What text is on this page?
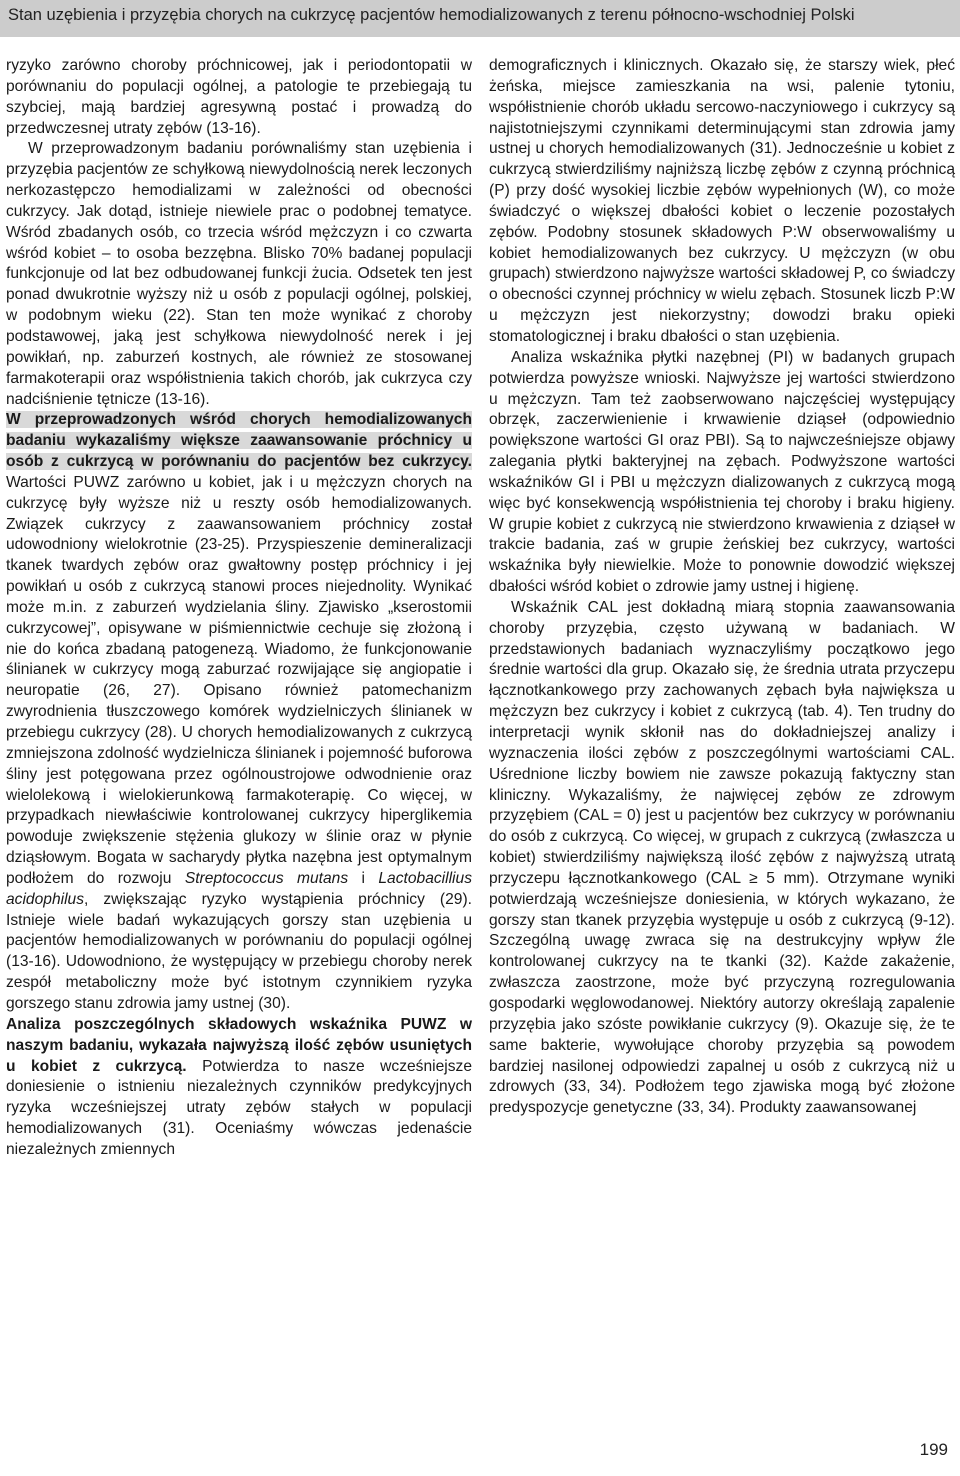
Stan uzębienia i przyzębia chorych na cukrzycę pacjentów hemodializowanych z terenu północno-wschodniej Polski

ryzyko zarówno choroby próchnicowej, jak i periodontopatii w porównaniu do populacji ogólnej, a patologie te przebiegają tu szybciej, mają bardziej agresywną postać i prowadzą do przedwczesnej utraty zębów (13-16).

W przeprowadzonym badaniu porównaliśmy stan uzębienia i przyzębia pacjentów ze schyłkową niewydolnością nerek leczonych nerkozastępczo hemodializami w zależności od obecności cukrzycy. Jak dotąd, istnieje niewiele prac o podobnej tematyce. Wśród zbadanych osób, co trzecia wśród mężczyzn i co czwarta wśród kobiet – to osoba bezzębna. Blisko 70% badanej populacji funkcjonuje od lat bez odbudowanej funkcji żucia. Odsetek ten jest ponad dwukrotnie wyższy niż u osób z populacji ogólnej, polskiej, w podobnym wieku (22). Stan ten może wynikać z choroby podstawowej, jaką jest schyłkowa niewydolność nerek i jej powikłań, np. zaburzeń kostnych, ale również ze stosowanej farmakoterapii oraz współistnienia takich chorób, jak cukrzyca czy nadciśnienie tętnicze (13-16).

W przeprowadzonych wśród chorych hemodializowanych badaniu wykazaliśmy większe zaawansowanie próchnicy u osób z cukrzycą w porównaniu do pacjentów bez cukrzycy. Wartości PUWZ zarówno u kobiet, jak i u mężczyzn chorych na cukrzycę były wyższe niż u reszty osób hemodializowanych. Związek cukrzycy z zaawansowaniem próchnicy został udowodniony wielokrotnie (23-25). Przyspieszenie demineralizacji tkanek twardych zębów oraz gwałtowny postęp próchnicy i jej powikłań u osób z cukrzycą stanowi proces niejednolity. Wynikać może m.in. z zaburzeń wydzielania śliny. Zjawisko „kserostomii cukrzycowej”, opisywane w piśmiennictwie cechuje się złożoną i nie do końca zbadaną patogenezą. Wiadomo, że funkcjonowanie ślinianek w cukrzycy mogą zaburzać rozwijające się angiopatie i neuropatie (26, 27). Opisano również patomechanizm zwyrodnienia tłuszczowego komórek wydzielniczych ślinianek w przebiegu cukrzycy (28). U chorych hemodializowanych z cukrzycą zmniejszona zdolność wydzielnicza ślinianek i pojemność buforowa śliny jest potęgowana przez ogólnoustrojowe odwodnienie oraz wielolekową i wielokierunkową farmakoterapię. Co więcej, w przypadkach niewłaściwie kontrolowanej cukrzycy hiperglikemia powoduje zwiększenie stężenia glukozy w ślinie oraz w płynie dziąsłowym. Bogata w sacharydy płytka nazębna jest optymalnym podłożem do rozwoju Streptococcus mutans i Lactobacillius acidophilus, zwiększając ryzyko wystąpienia próchnicy (29). Istnieje wiele badań wykazujących gorszy stan uzębienia u pacjentów hemodializowanych w porównaniu do populacji ogólnej (13-16). Udowodniono, że występujący w przebiegu choroby nerek zespół metaboliczny może być istotnym czynnikiem ryzyka gorszego stanu zdrowia jamy ustnej (30).

Analiza poszczególnych składowych wskaźnika PUWZ w naszym badaniu, wykazała najwyższą ilość zębów usuniętych u kobiet z cukrzycą. Potwierdza to nasze wcześniejsze doniesienie o istnieniu niezależnych czynników predykcyjnych ryzyka wcześniejszej utraty zębów stałych w populacji hemodializowanych (31). Oceniaśmy wówczas jedenaście niezależnych zmiennych

demograficznych i klinicznych. Okazało się, że starszy wiek, płeć żeńska, miejsce zamieszkania na wsi, palenie tytoniu, współistnienie chorób układu sercowo-naczyniowego i cukrzycy są najistotniejszymi czynnikami determinującymi stan zdrowia jamy ustnej u chorych hemodializowanych (31). Jednocześnie u kobiet z cukrzycą stwierdziliśmy najniższą liczbę zębów z czynną próchnicą (P) przy dość wysokiej liczbie zębów wypełnionych (W), co może świadczyć o większej dbałości kobiet o leczenie pozostałych zębów. Podobny stosunek składowych P:W obserwowaliśmy u kobiet hemodializowanych bez cukrzycy. U mężczyzn (w obu grupach) stwierdzono najwyższe wartości składowej P, co świadczy o obecności czynnej próchnicy w wielu zębach. Stosunek liczb P:W u mężczyzn jest niekorzystny; dowodzi braku opieki stomatologicznej i braku dbałości o stan uzębienia.

Analiza wskaźnika płytki nazębnej (PI) w badanych grupach potwierdza powyższe wnioski. Najwyższe jej wartości stwierdzono u mężczyzn. Tam też zaobserwowano najczęściej występujący obrzęk, zaczerwienienie i krwawienie dziąseł (odpowiednio powiększone wartości GI oraz PBI). Są to najwcześniejsze objawy zalegania płytki bakteryjnej na zębach. Podwyższone wartości wskaźników GI i PBI u mężczyzn dializowanych z cukrzycą mogą więc być konsekwencją współistnienia tej choroby i braku higieny. W grupie kobiet z cukrzycą nie stwierdzono krwawienia z dziąseł w trakcie badania, zaś w grupie żeńskiej bez cukrzycy, wartości wskaźnika były niewielkie. Może to ponownie dowodzić większej dbałości wśród kobiet o zdrowie jamy ustnej i higienę.

Wskaźnik CAL jest dokładną miarą stopnia zaawansowania choroby przyzębia, często używaną w badaniach. W przedstawionych badaniach wyznaczyliśmy początkowo jego średnie wartości dla grup. Okazało się, że średnia utrata przyczepu łącznotkankowego przy zachowanych zębach była największa u mężczyzn bez cukrzycy i kobiet z cukrzycą (tab. 4). Ten trudny do interpretacji wynik skłonił nas do dokładniejszej analizy i wyznaczenia ilości zębów z poszczególnymi wartościami CAL. Uśrednione liczby bowiem nie zawsze pokazują faktyczny stan kliniczny. Wykazaliśmy, że najwięcej zębów ze zdrowym przyzębiem (CAL = 0) jest u pacjentów bez cukrzycy w porównaniu do osób z cukrzycą. Co więcej, w grupach z cukrzycą (zwłaszcza u kobiet) stwierdziliśmy największą ilość zębów z najwyższą utratą przyczepu łącznotkankowego (CAL ≥ 5 mm). Otrzymane wyniki potwierdzają wcześniejsze doniesienia, w których wykazano, że gorszy stan tkanek przyzębia występuje u osób z cukrzycą (9-12). Szczególną uwagę zwraca się na destrukcyjny wpływ źle kontrolowanej cukrzycy na te tkanki (32). Każde zakażenie, zwłaszcza zaostrzone, może być przyczyną rozregulowania gospodarki węglowodanowej. Niektóry autorzy określają zapalenie przyzębia jako szóste powikłanie cukrzycy (9). Okazuje się, że te same bakterie, wywołujące choroby przyzębia są powodem bardziej nasilonej odpowiedzi zapalnej u osób z cukrzycą niż u zdrowych (33, 34). Podłożem tego zjawiska mogą być złożone predyspozycje genetyczne (33, 34). Produkty zaawansowanej

199
